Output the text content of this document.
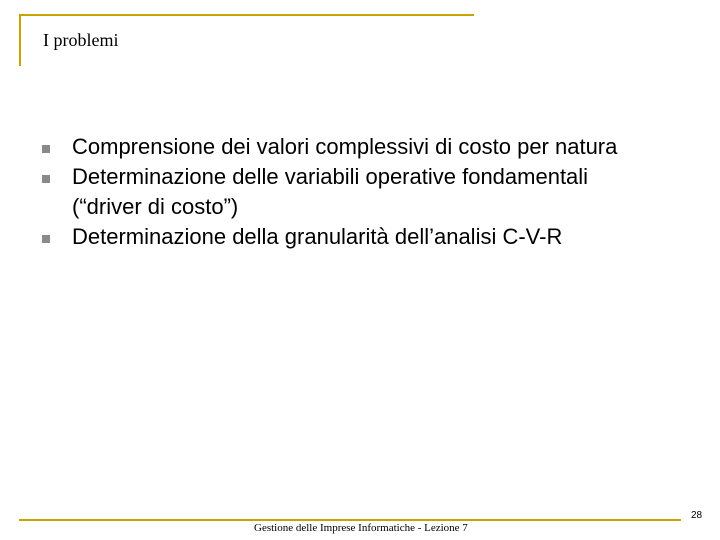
I problemi
Comprensione dei valori complessivi di costo per natura
Determinazione delle variabili operative fondamentali (“driver di costo”)
Determinazione della granularità dell’analisi C-V-R
Gestione delle Imprese Informatiche - Lezione 7
28
